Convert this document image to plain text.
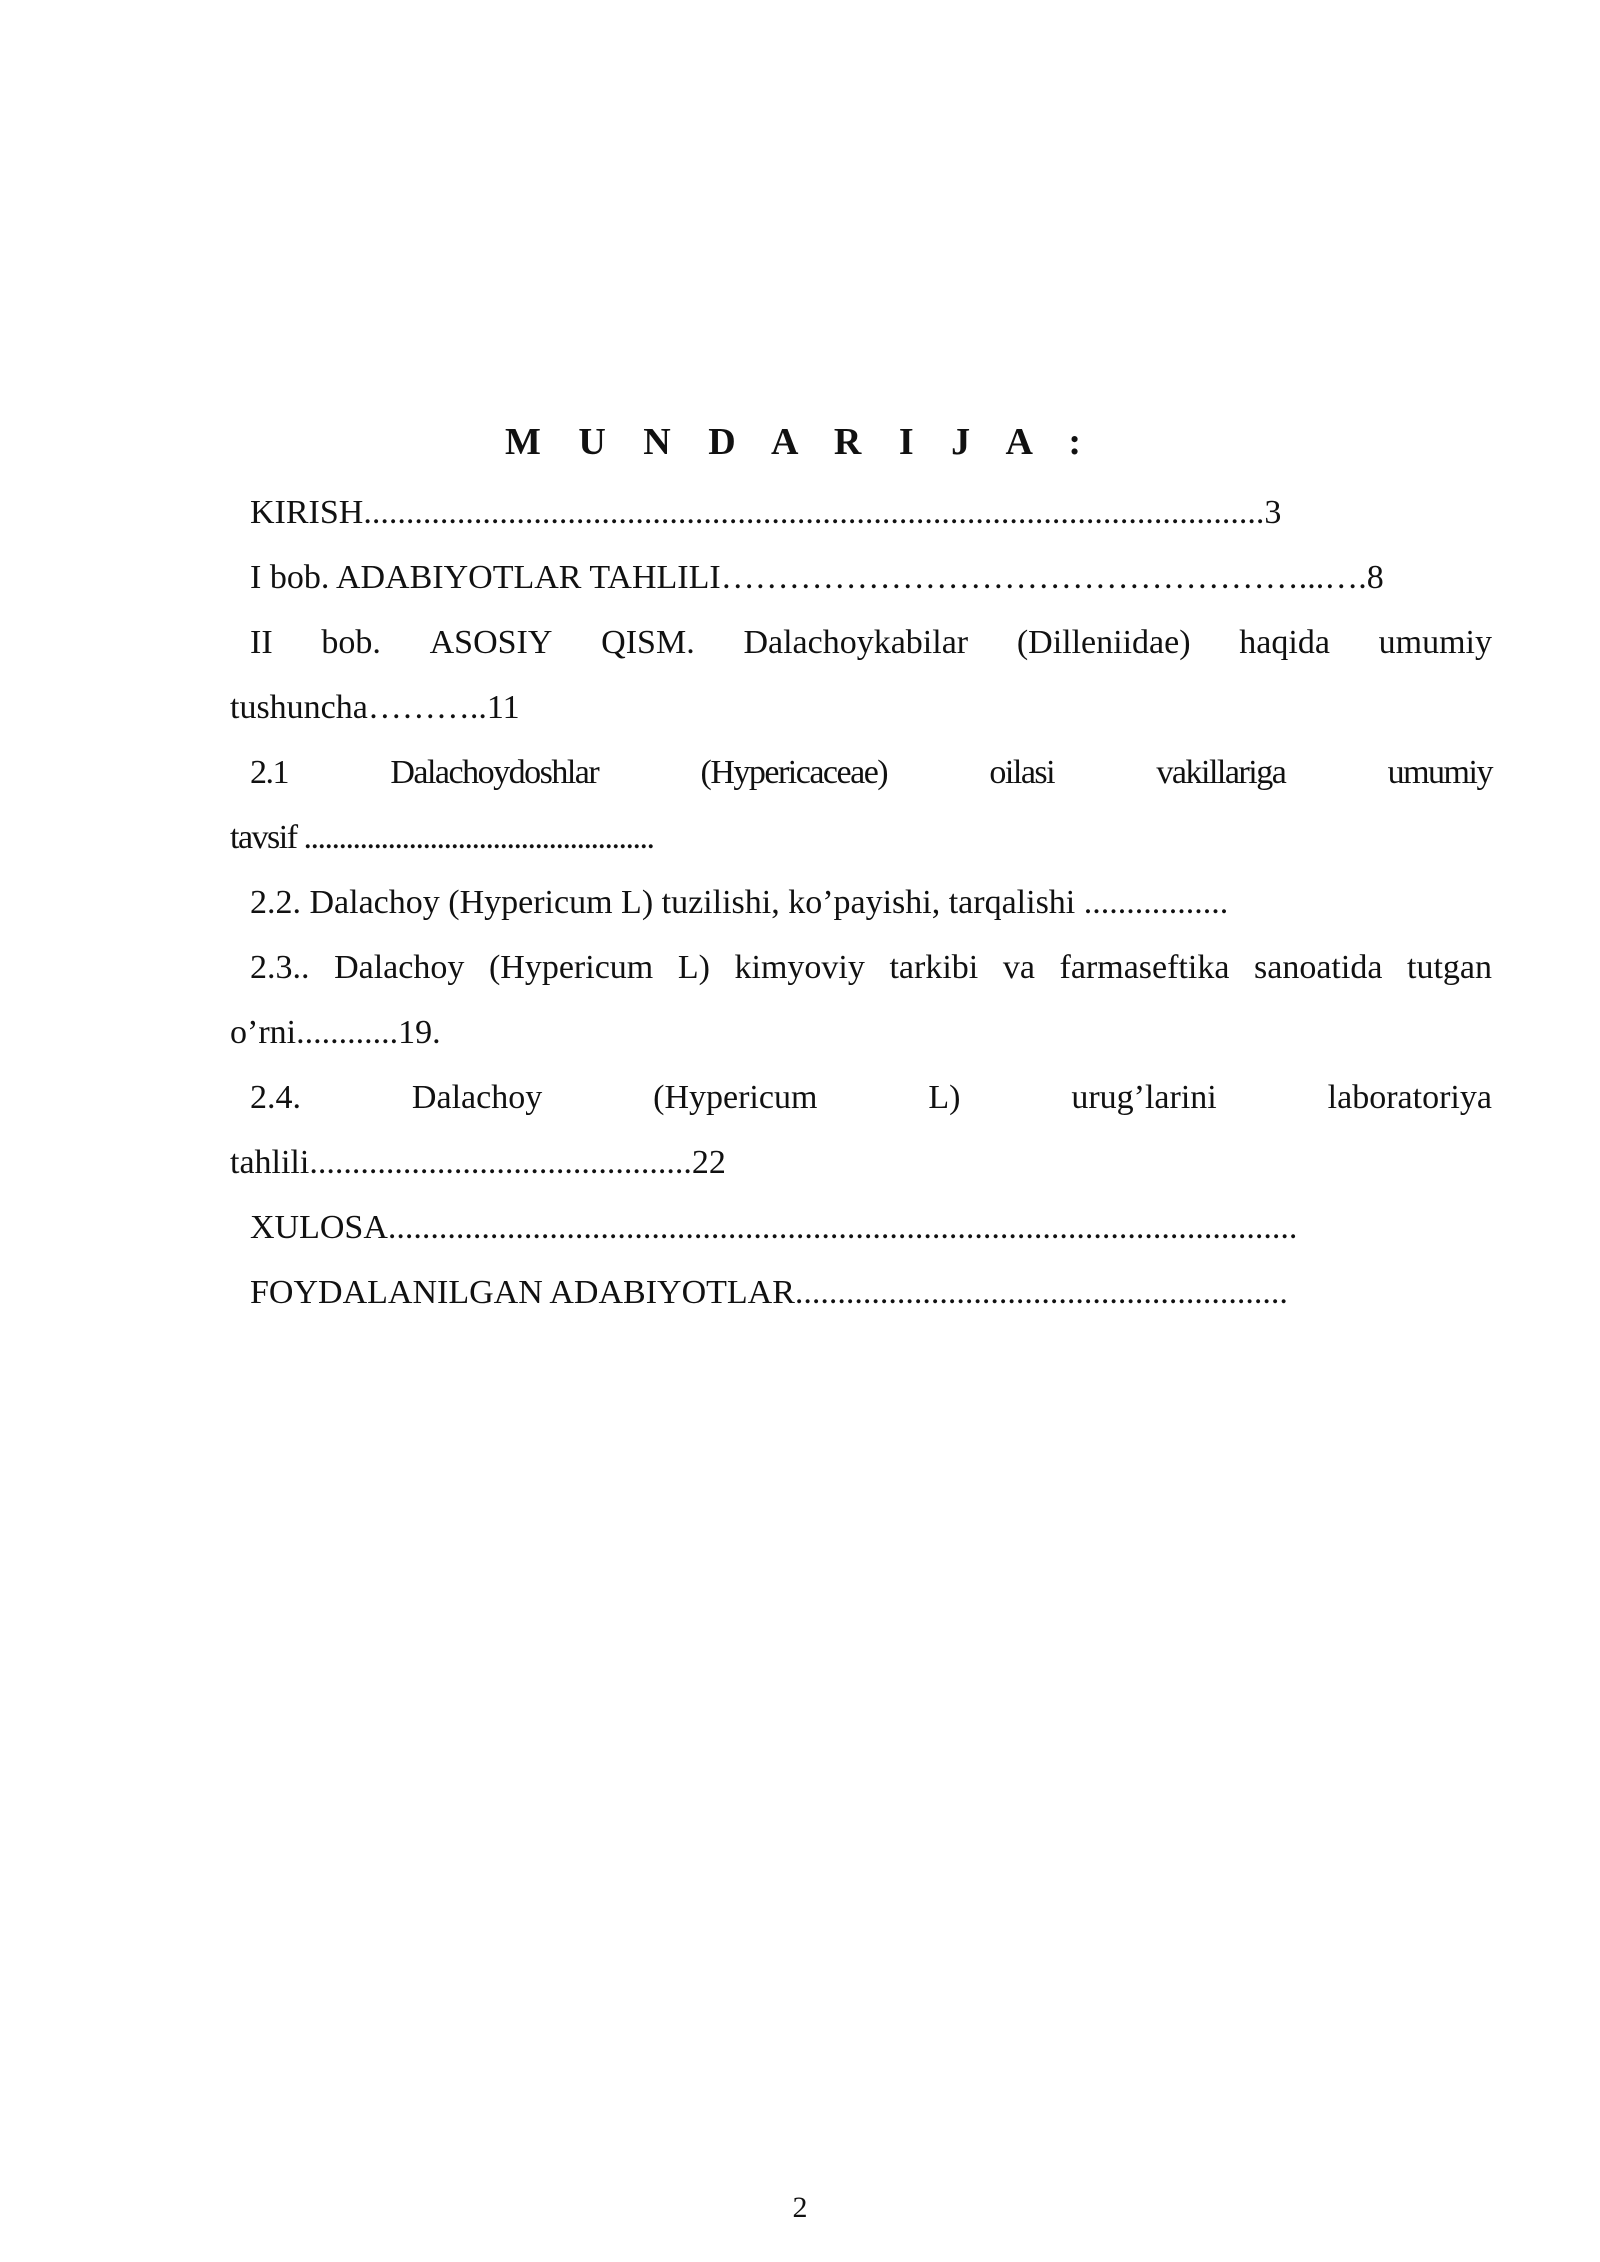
M U N D A R I J A :

KIRISH..........................................................................................................3

I bob. ADABIYOTLAR TAHLILI……………………………………………...….8

II bob. ASOSIY QISM. Dalachoykabilar (Dilleniidae) haqida umumiy

tushuncha………..11

2.1	Dalachoydoshlar	(Hypericaceae)	oilasi	vakillariga	umumiy

tavsif ..................................................

2.2. Dalachoy (Hypericum L) tuzilishi, ko’payishi, tarqalishi .................

2.3.. Dalachoy (Hypericum L) kimyoviy tarkibi va farmaseftika sanoatida tutgan

o’rni............19.

2.4.	Dalachoy	(Hypericum	L)	urug’larini	laboratoriya

tahlili.............................................22

XULOSA...........................................................................................................

FOYDALANILGAN ADABIYOTLAR..........................................................

2
